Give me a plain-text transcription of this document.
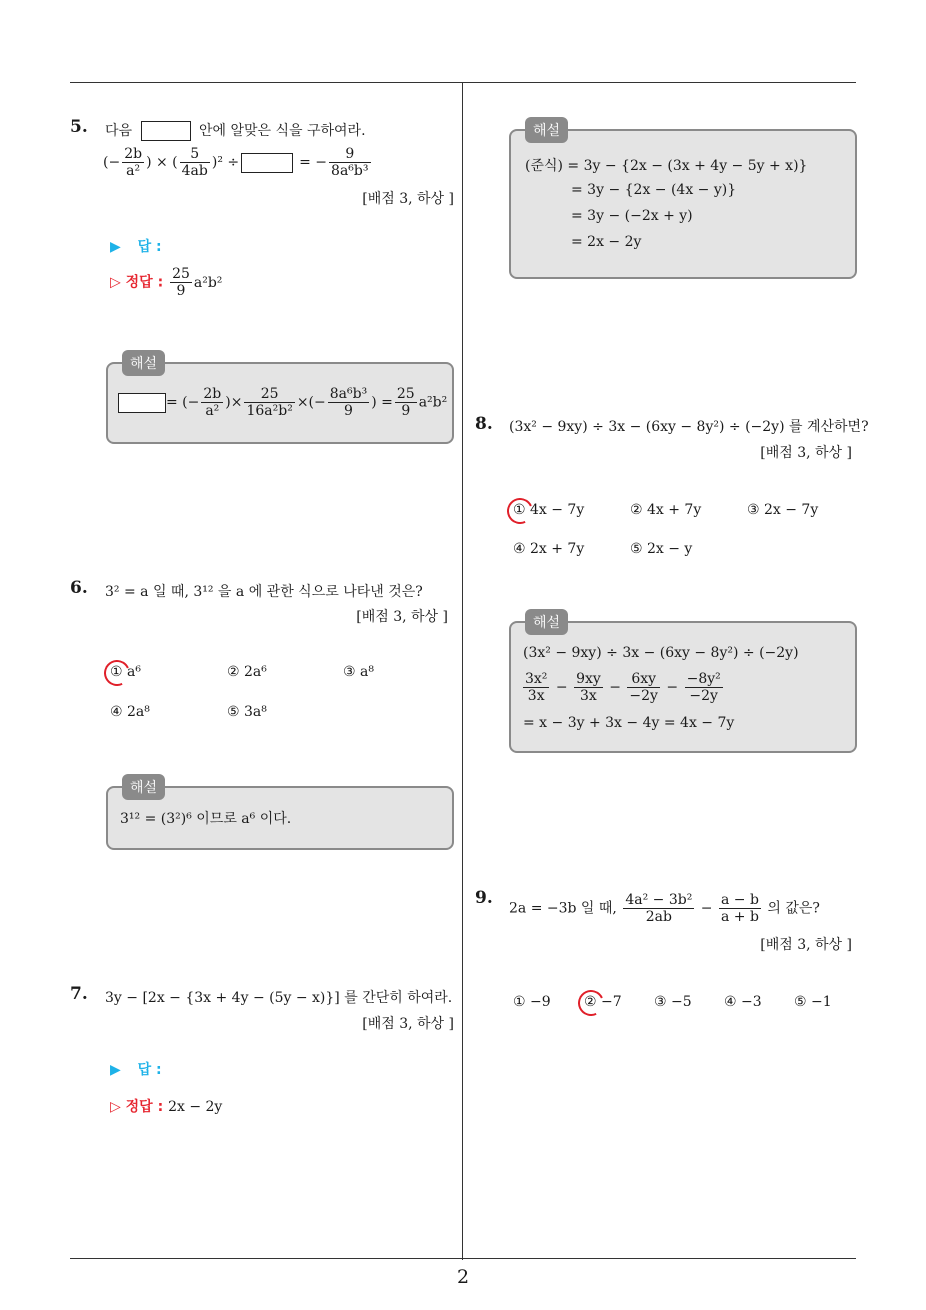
5. 다음	안에 알맞은 식을 구하여라.
(− $\frac{2b}{\text{a²}}$ ) × ( $\frac{5}{4ab} )^2$ ÷	= − $\frac{9}{\text{8a⁶b³}}$
[배점 3, 하상 ]
▶ 답 :
▷ 정답 : $\frac{25}{9} a^2b^2$
해설
= (− $\frac{2b}{\text{a²}}$ )× $\frac{25}{\text{16a²b²}}$ ×(− $\frac{\text{8a⁶b³}}{9}$ ) = $\frac{25}{9} a^2b^2$
6. 3² = a 일 때, 3¹² 을 a 에 관한 식으로 나타낸 것은?
[배점 3, 하상 ]
① a⁶	② 2a⁶	③ a⁸
④ 2a⁸	⑤ 3a⁸
해설
3¹² = (3²)⁶ 이므로 a⁶ 이다.
7. 3y − [2x − {3x + 4y − (5y − x)}] 를 간단히 하여라.
[배점 3, 하상 ]
▶ 답 :
▷ 정답 : 2x − 2y
해설
(준식) = 3y − {2x − (3x + 4y − 5y + x)}
= 3y − {2x − (4x − y)}
= 3y − (−2x + y)
= 2x − 2y
8. (3x² − 9xy) ÷ 3x − (6xy − 8y²) ÷ (−2y) 를 계산하면?
[배점 3, 하상 ]
① 4x − 7y	② 4x + 7y	③ 2x − 7y
④ 2x + 7y	⑤ 2x − y
해설
(3x² − 9xy) ÷ 3x − (6xy − 8y²) ÷ (−2y)
$\frac{\text{3x²}}{3x} - \frac{9xy}{3x} - \frac{6xy}{-2y} - \frac{\text{−8y²}}{-2y}$
= x − 3y + 3x − 4y = 4x − 7y
9.
2a = −3b 일 때, $\frac{\text{4a² − 3b²}}{2ab} - \frac{a - b}{a + b}$ 의 값은?
[배점 3, 하상 ]
① −9 ② −7 ③ −5 ④ −3 ⑤ −1
2
